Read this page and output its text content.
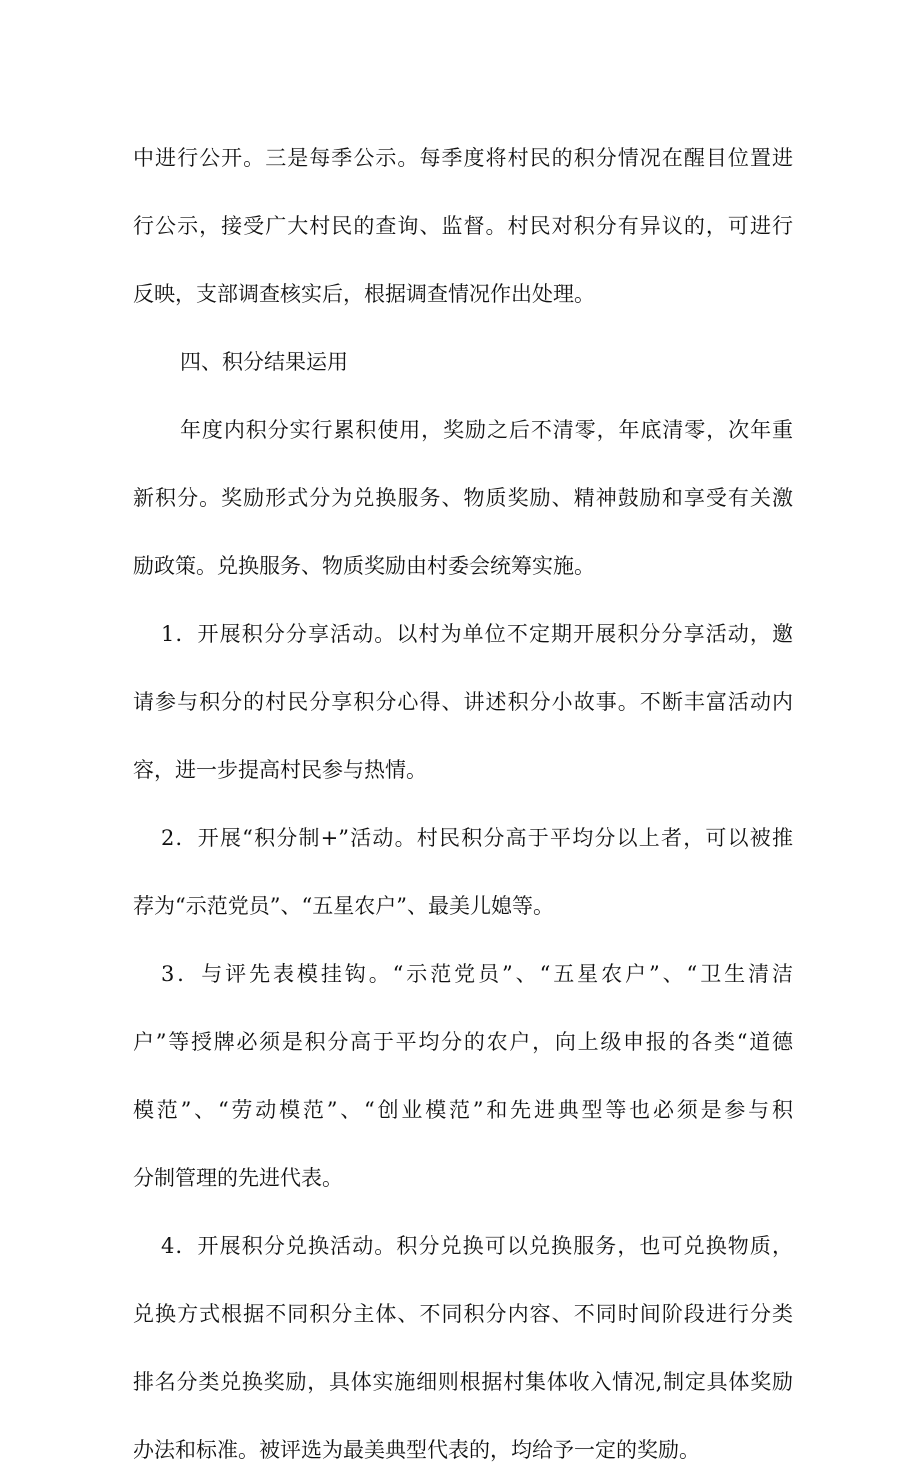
中进行公开。三是每季公示。每季度将村民的积分情况在醒目位置进

行公示，接受广大村民的查询、监督。村民对积分有异议的，可进行

反映，支部调查核实后，根据调查情况作出处理。

四、积分结果运用

年度内积分实行累积使用，奖励之后不清零，年底清零，次年重

新积分。奖励形式分为兑换服务、物质奖励、精神鼓励和享受有关激

励政策。兑换服务、物质奖励由村委会统筹实施。

1．开展积分分享活动。以村为单位不定期开展积分分享活动，邀

请参与积分的村民分享积分心得、讲述积分小故事。不断丰富活动内

容，进一步提高村民参与热情。

2．开展“积分制+”活动。村民积分高于平均分以上者，可以被推

荐为“示范党员”、“五星农户”、最美儿媳等。

3．与评先表模挂钩。“示范党员”、“五星农户”、“卫生清洁

户”等授牌必须是积分高于平均分的农户，向上级申报的各类“道德

模范”、“劳动模范”、“创业模范”和先进典型等也必须是参与积

分制管理的先进代表。

4．开展积分兑换活动。积分兑换可以兑换服务，也可兑换物质，

兑换方式根据不同积分主体、不同积分内容、不同时间阶段进行分类

排名分类兑换奖励，具体实施细则根据村集体收入情况,制定具体奖励

办法和标准。被评选为最美典型代表的，均给予一定的奖励。
